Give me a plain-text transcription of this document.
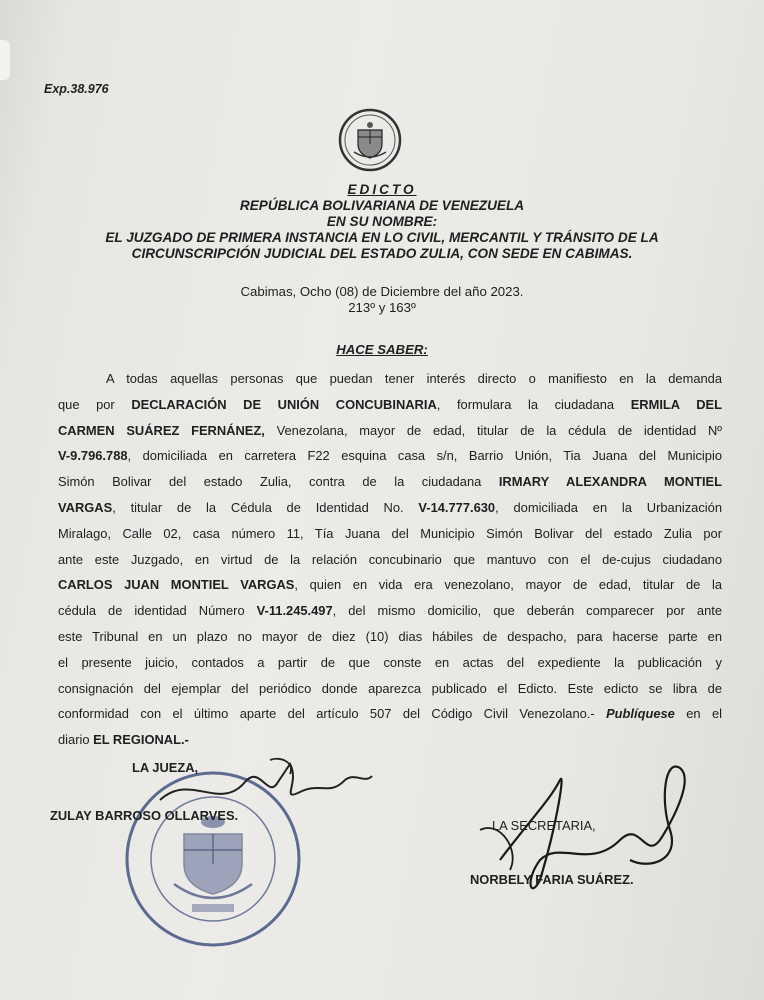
Exp.38.976
EDICTO
REPÚBLICA BOLIVARIANA DE VENEZUELA
EN SU NOMBRE:
EL JUZGADO DE PRIMERA INSTANCIA EN LO CIVIL, MERCANTIL Y TRÁNSITO DE LA
CIRCUNSCRIPCIÓN JUDICIAL DEL ESTADO ZULIA, CON SEDE EN CABIMAS.
Cabimas, Ocho (08) de Diciembre del año 2023.
213º y 163º
HACE SABER:
A todas aquellas personas que puedan tener interés directo o manifiesto en la demanda
que por DECLARACIÓN DE UNIÓN CONCUBINARIA, formulara la ciudadana ERMILA DEL
CARMEN SUÁREZ FERNÁNEZ, Venezolana, mayor de edad, titular de la cédula de identidad Nº
V-9.796.788, domiciliada en carretera F22 esquina casa s/n, Barrio Unión, Tia Juana del Municipio
Simón Bolivar del estado Zulia, contra de la ciudadana IRMARY ALEXANDRA MONTIEL
VARGAS, titular de la Cédula de Identidad No. V-14.777.630, domiciliada en la Urbanización
Miralago, Calle 02, casa número 11, Tía Juana del Municipio Simón Bolivar del estado Zulia por
ante este Juzgado, en virtud de la relación concubinario que mantuvo con el de-cujus ciudadano
CARLOS JUAN MONTIEL VARGAS, quien en vida era venezolano, mayor de edad, titular de la
cédula de identidad Número V-11.245.497, del mismo domicilio, que deberán comparecer por ante
este Tribunal en un plazo no mayor de diez (10) dias hábiles de despacho, para hacerse parte en
el presente juicio, contados a partir de que conste en actas del expediente la publicación y
consignación del ejemplar del periódico donde aparezca publicado el Edicto. Este edicto se libra de
conformidad con el último aparte del artículo 507 del Código Civil Venezolano.- Publíquese en el
diario EL REGIONAL.-
LA JUEZA,
ZULAY BARROSO OLLARVES.
LA SECRETARIA,
NORBELY FARIA SUÁREZ.
